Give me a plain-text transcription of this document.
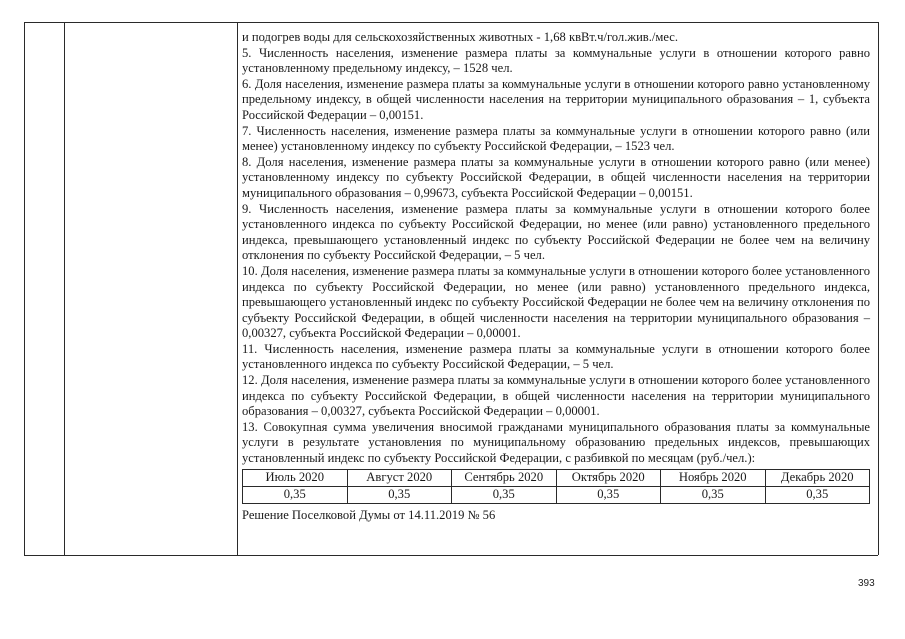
и подогрев воды для сельскохозяйственных животных - 1,68 квВт.ч/гол.жив./мес.

5. Численность населения, изменение размера платы за коммунальные услуги в отношении которого равно установленному предельному индексу, – 1528 чел.

6. Доля населения, изменение размера платы за коммунальные услуги в отношении которого равно установленному предельному индексу, в общей численности населения на территории муниципального образования – 1, субъекта Российской Федерации – 0,00151.

7. Численность населения, изменение размера платы за коммунальные услуги в отношении которого равно (или менее) установленному индексу по субъекту Российской Федерации, – 1523 чел.

8. Доля населения, изменение размера платы за коммунальные услуги в отношении которого равно (или менее) установленному индексу по субъекту Российской Федерации, в общей численности населения на территории муниципального образования – 0,99673, субъекта Российской Федерации – 0,00151.

9. Численность населения, изменение размера платы за коммунальные услуги в отношении которого более установленного индекса по субъекту Российской Федерации, но менее (или равно) установленного предельного индекса, превышающего установленный индекс по субъекту Российской Федерации не более чем на величину отклонения по субъекту Российской Федерации, – 5 чел.

10. Доля населения, изменение размера платы за коммунальные услуги в отношении которого более установленного индекса по субъекту Российской Федерации, но менее (или равно) установленного предельного индекса, превышающего установленный индекс по субъекту Российской Федерации не более чем на величину отклонения по субъекту Российской Федерации, в общей численности населения на территории муниципального образования – 0,00327, субъекта Российской Федерации – 0,00001.

11. Численность населения, изменение размера платы за коммунальные услуги в отношении которого более установленного индекса по субъекту Российской Федерации, – 5 чел.

12. Доля населения, изменение размера платы за коммунальные услуги в отношении которого более установленного индекса по субъекту Российской Федерации, в общей численности населения на территории муниципального образования – 0,00327, субъекта Российской Федерации – 0,00001.

13. Совокупная сумма увеличения вносимой гражданами муниципального образования платы за коммунальные услуги в результате установления по муниципальному образованию предельных индексов, превышающих установленный индекс по субъекту Российской Федерации, с разбивкой по месяцам (руб./чел.):

Июль 2020	Август 2020	Сентябрь 2020	Октябрь 2020	Ноябрь 2020	Декабрь 2020
0,35	0,35	0,35	0,35	0,35	0,35
Решение Поселковой Думы от 14.11.2019 № 56
393
